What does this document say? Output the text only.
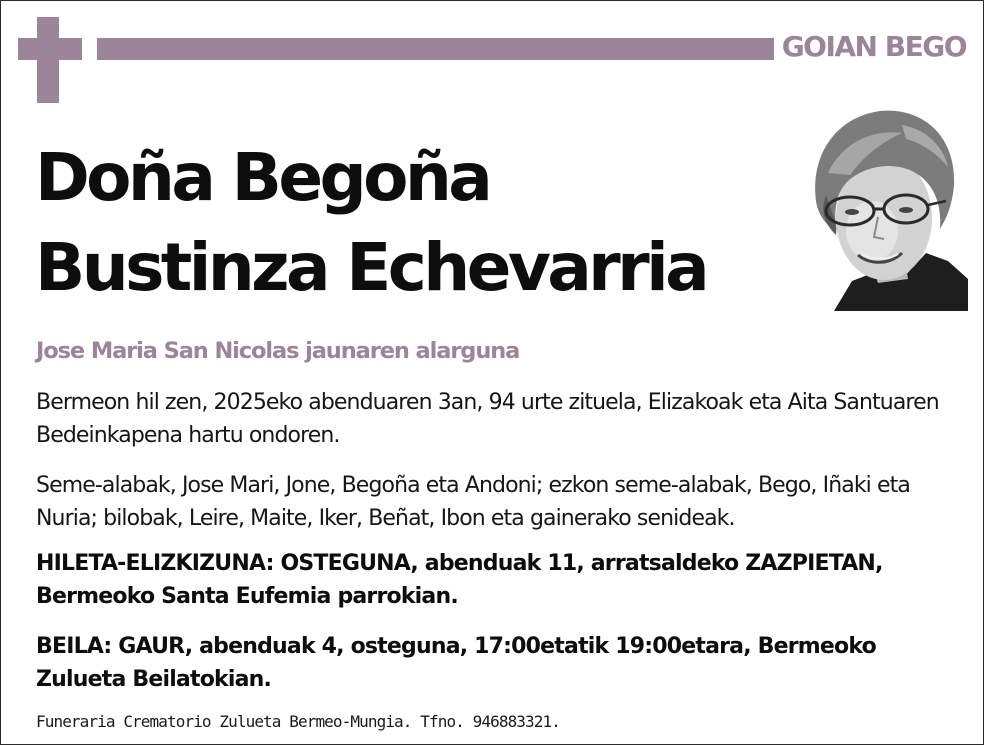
GOIAN BEGO
Doña Begoña
Bustinza Echevarria
Jose Maria San Nicolas jaunaren alarguna
Bermeon hil zen, 2025eko abenduaren 3an, 94 urte zituela, Elizakoak eta Aita Santuaren Bedeinkapena hartu ondoren.
Seme-alabak, Jose Mari, Jone, Begoña eta Andoni; ezkon seme-alabak, Bego, Iñaki eta Nuria; bilobak, Leire, Maite, Iker, Beñat, Ibon eta gainerako senideak.
HILETA-ELIZKIZUNA: OSTEGUNA, abenduak 11, arratsaldeko ZAZPIETAN, Bermeoko Santa Eufemia parrokian.
BEILA: GAUR, abenduak 4, osteguna, 17:00etatik 19:00etara, Bermeoko Zulueta Beilatokian.
Funeraria Crematorio Zulueta Bermeo-Mungia. Tfno. 946883321.
